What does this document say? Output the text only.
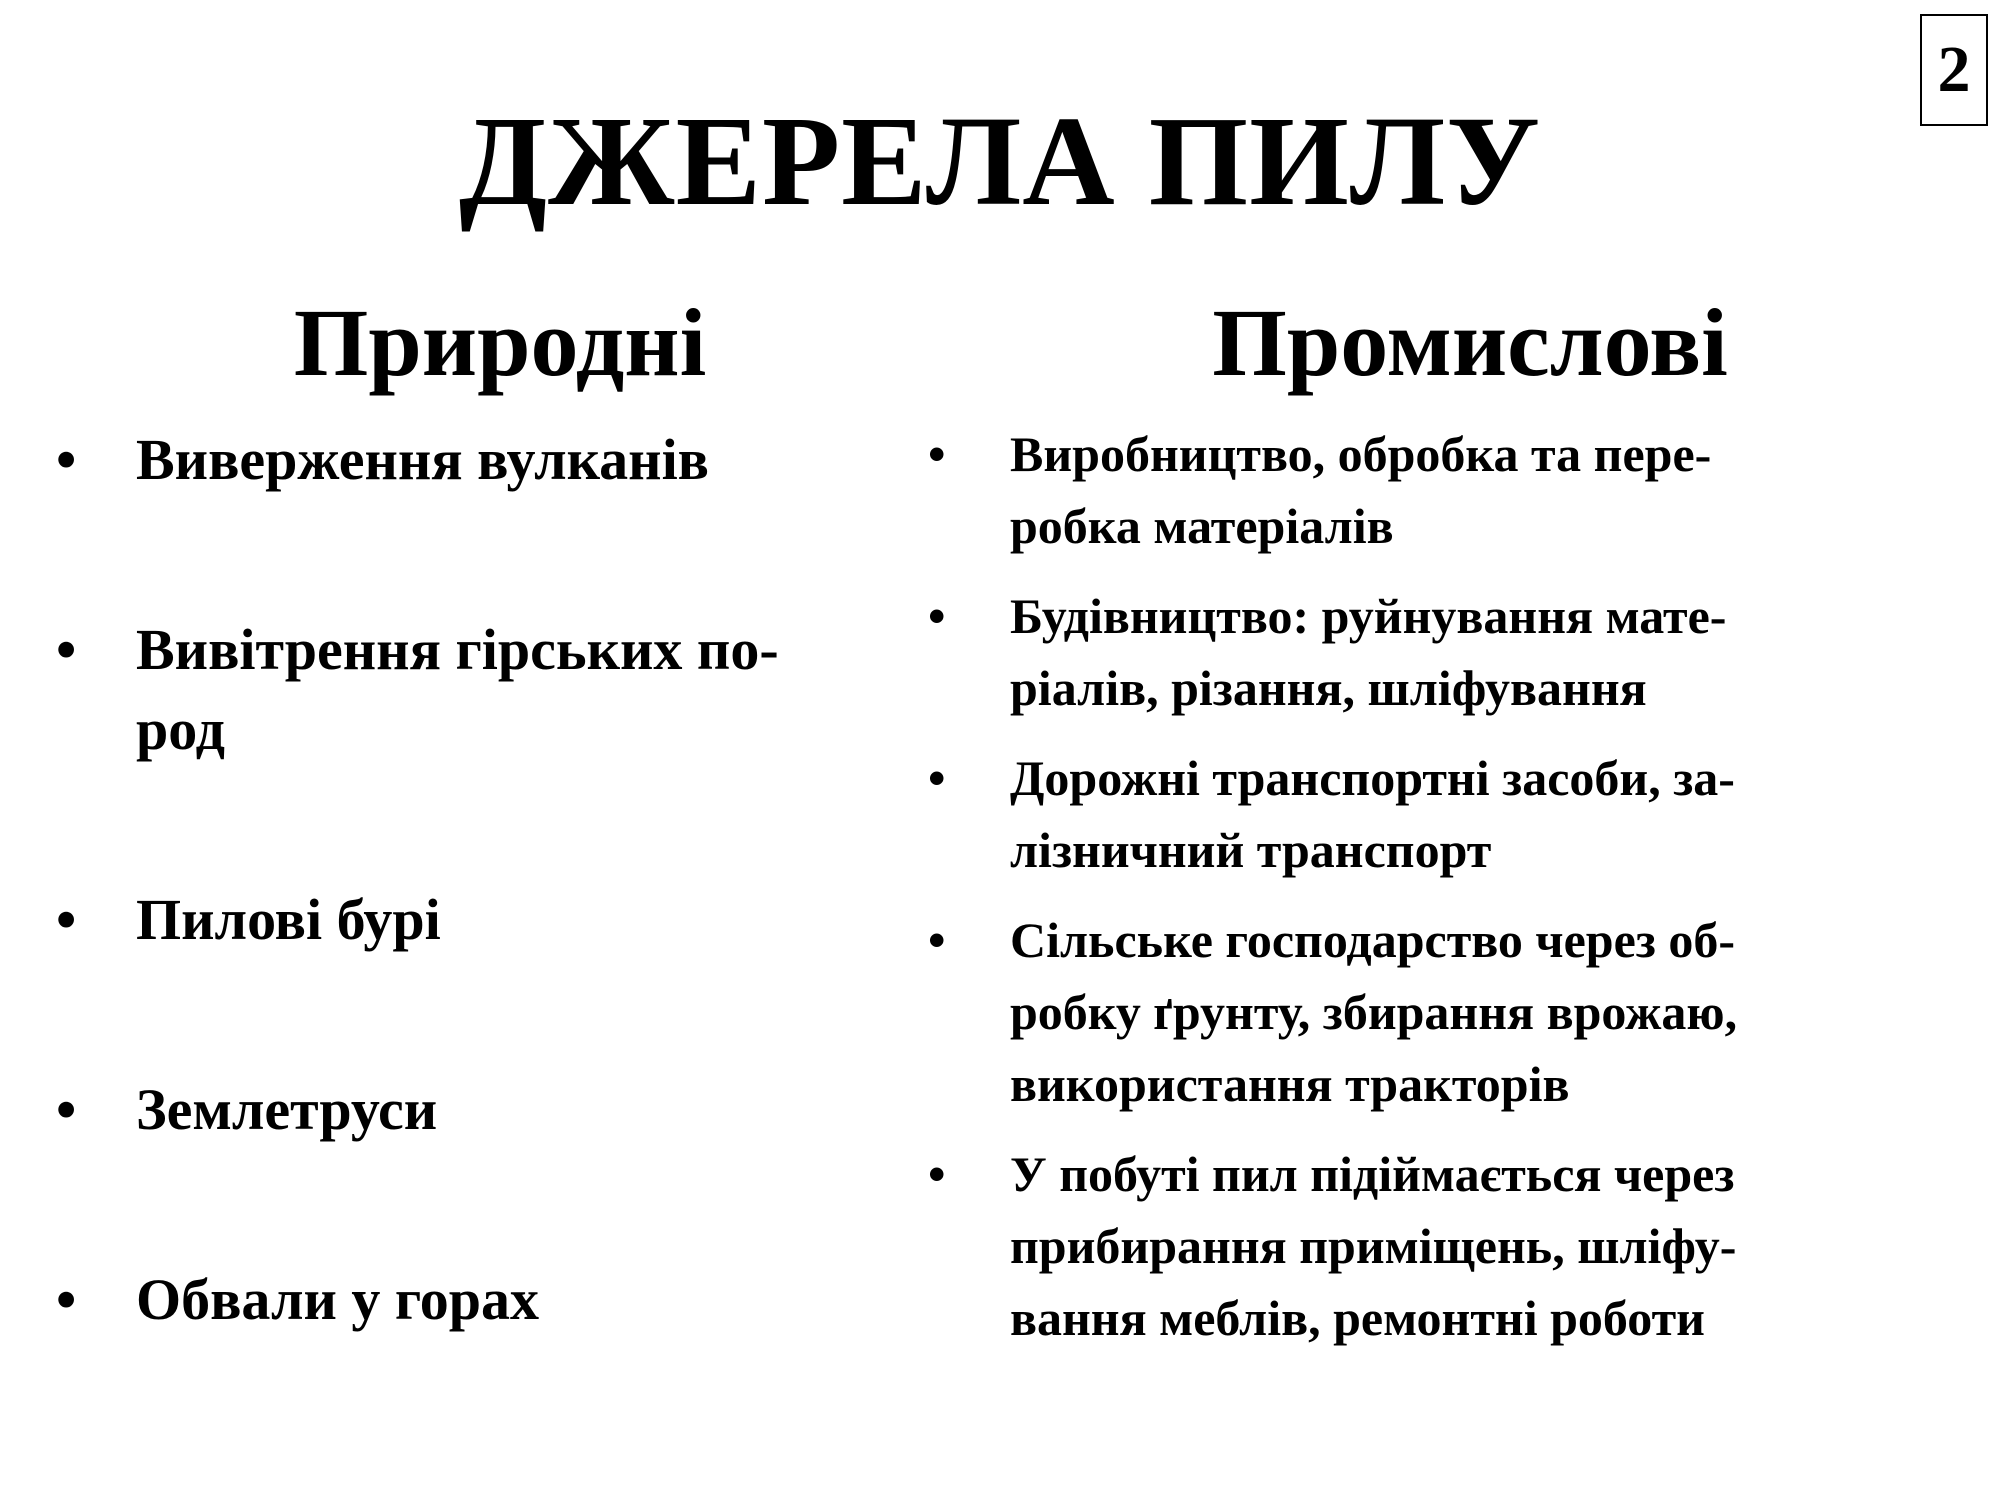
2
ДЖЕРЕЛА ПИЛУ
Природні	Промислові
• Виверження вулканів
• Вивітрення гірських по-
род
• Пилові бурі
• Землетруси
• Обвали у горах
• Виробництво, обробка та пере-
робка матеріалів
• Будівництво: руйнування мате-
ріалів, різання, шліфування
• Дорожні транспортні засоби, за-
лізничний транспорт
• Сільське господарство через об-
робку ґрунту, збирання врожаю,
використання тракторів
• У побуті пил підіймається через
прибирання приміщень, шліфу-
вання меблів, ремонтні роботи
